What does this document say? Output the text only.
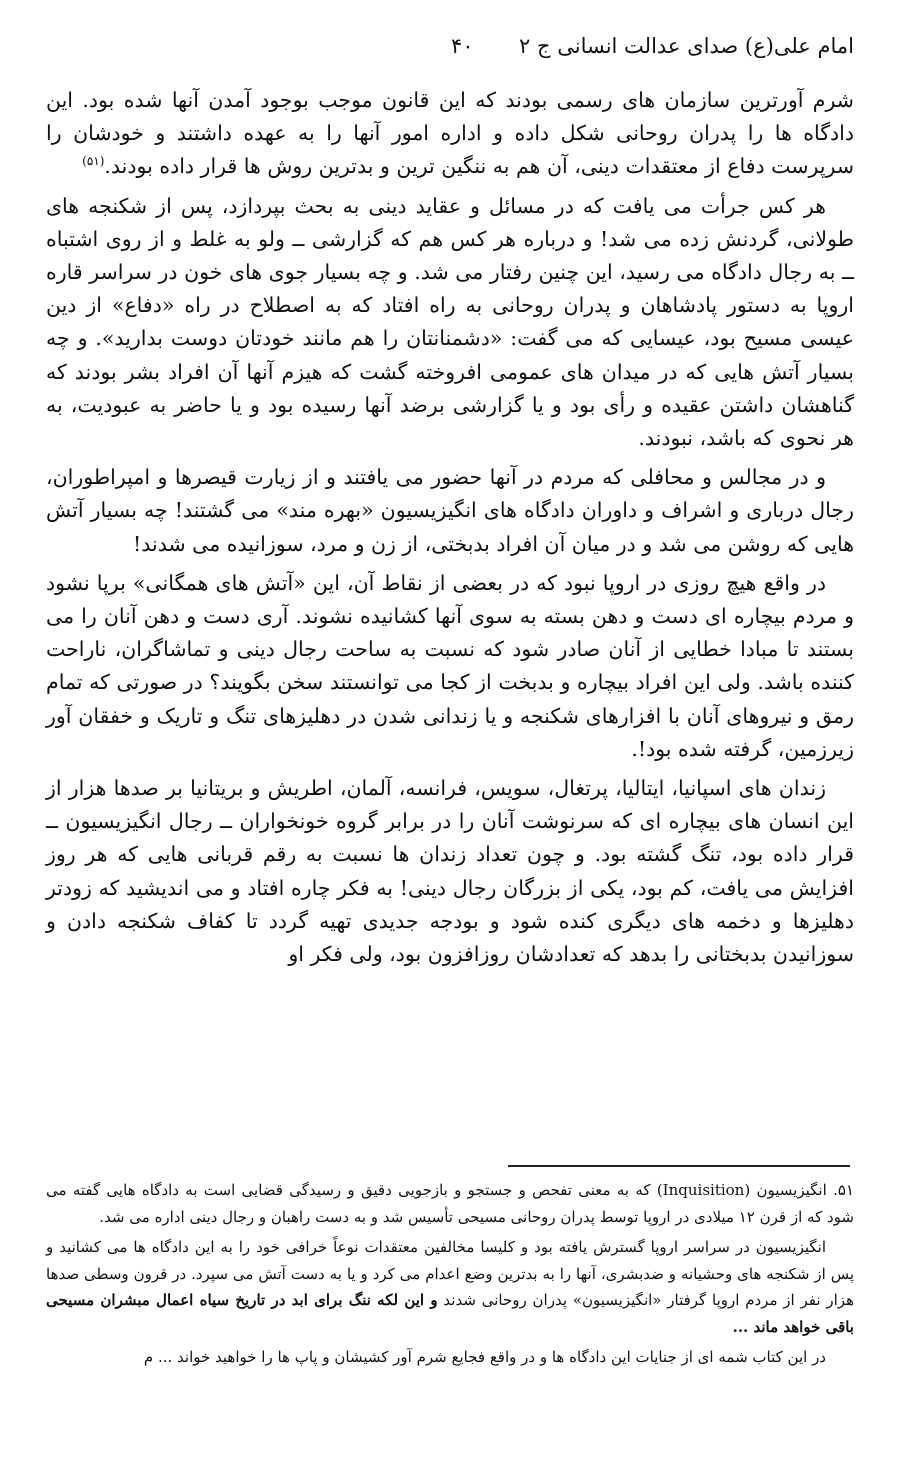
امام علی(ع) صدای عدالت انسانی ج ۲
۴۰

شرم آورترین سازمان های رسمی بودند که این قانون موجب بوجود آمدن آنها شده بود. این دادگاه ها را پدران روحانی شکل داده و اداره امور آنها را به عهده داشتند و خودشان را سرپرست دفاع از معتقدات دینی، آن هم به ننگین ترین و بدترین روش ها قرار داده بودند.$^{(۵۱)}$

هر کس جرأت می یافت که در مسائل و عقاید دینی به بحث بپردازد، پس از شکنجه های طولانی، گردنش زده می شد! و درباره هر کس هم که گزارشی ــ ولو به غلط و از روی اشتباه ــ به رجال دادگاه می رسید، این چنین رفتار می شد. و چه بسیار جوی های خون در سراسر قاره اروپا به دستور پادشاهان و پدران روحانی به راه افتاد که به اصطلاح در راه «دفاع» از دین عیسی مسیح بود، عیسایی که می گفت: «دشمنانتان را هم مانند خودتان دوست بدارید». و چه بسیار آتش هایی که در میدان های عمومی افروخته گشت که هیزم آنها آن افراد بشر بودند که گناهشان داشتن عقیده و رأی بود و یا گزارشی برضد آنها رسیده بود و یا حاضر به عبودیت، به هر نحوی که باشد، نبودند.

و در مجالس و محافلی که مردم در آنها حضور می یافتند و از زیارت قیصرها و امپراطوران، رجال درباری و اشراف و داوران دادگاه های انگیزیسیون «بهره مند» می گشتند! چه بسیار آتش هایی که روشن می شد و در میان آن افراد بدبختی، از زن و مرد، سوزانیده می شدند!

در واقع هیچ روزی در اروپا نبود که در بعضی از نقاط آن، این «آتش های همگانی» برپا نشود و مردم بیچاره ای دست و دهن بسته به سوی آنها کشانیده نشوند. آری دست و دهن آنان را می بستند تا مبادا خطایی از آنان صادر شود که نسبت به ساحت رجال دینی و تماشاگران، ناراحت کننده باشد. ولی این افراد بیچاره و بدبخت از کجا می توانستند سخن بگویند؟ در صورتی که تمام رمق و نیروهای آنان با افزارهای شکنجه و یا زندانی شدن در دهلیزهای تنگ و تاریک و خفقان آور زیرزمین، گرفته شده بود!.

زندان های اسپانیا، ایتالیا، پرتغال، سویس، فرانسه، آلمان، اطریش و بریتانیا بر صدها هزار از این انسان های بیچاره ای که سرنوشت آنان را در برابر گروه خونخواران ــ رجال انگیزیسیون ــ قرار داده بود، تنگ گشته بود. و چون تعداد زندان ها نسبت به رقم قربانی هایی که هر روز افزایش می یافت، کم بود، یکی از بزرگان رجال دینی! به فکر چاره افتاد و می اندیشید که زودتر دهلیزها و دخمه های دیگری کنده شود و بودجه جدیدی تهیه گردد تا کفاف شکنجه دادن و سوزانیدن بدبختانی را بدهد که تعدادشان روزافزون بود، ولی فکر او

۵۱. انگیزیسیون (Inquisition) که به معنی تفحص و جستجو و بازجویی دقیق و رسیدگی قضایی است به دادگاه هایی گفته می شود که از قرن ۱۲ میلادی در اروپا توسط پدران روحانی مسیحی تأسیس شد و به دست راهبان و رجال دینی اداره می شد.

انگیزیسیون در سراسر اروپا گسترش یافته بود و کلیسا مخالفین معتقدات نوعاً خرافی خود را به این دادگاه ها می کشانید و پس از شکنجه های وحشیانه و ضدبشری، آنها را به بدترین وضع اعدام می کرد و یا به دست آتش می سپرد. در قرون وسطی صدها هزار نفر از مردم اروپا گرفتار «انگیزیسیون» پدران روحانی شدند و این لکه ننگ برای ابد در تاریخ سیاه اعمال مبشران مسیحی باقی خواهد ماند ...

در این کتاب شمه ای از جنایات این دادگاه ها و در واقع فجایع شرم آور کشیشان و پاپ ها را خواهید خواند ... م
